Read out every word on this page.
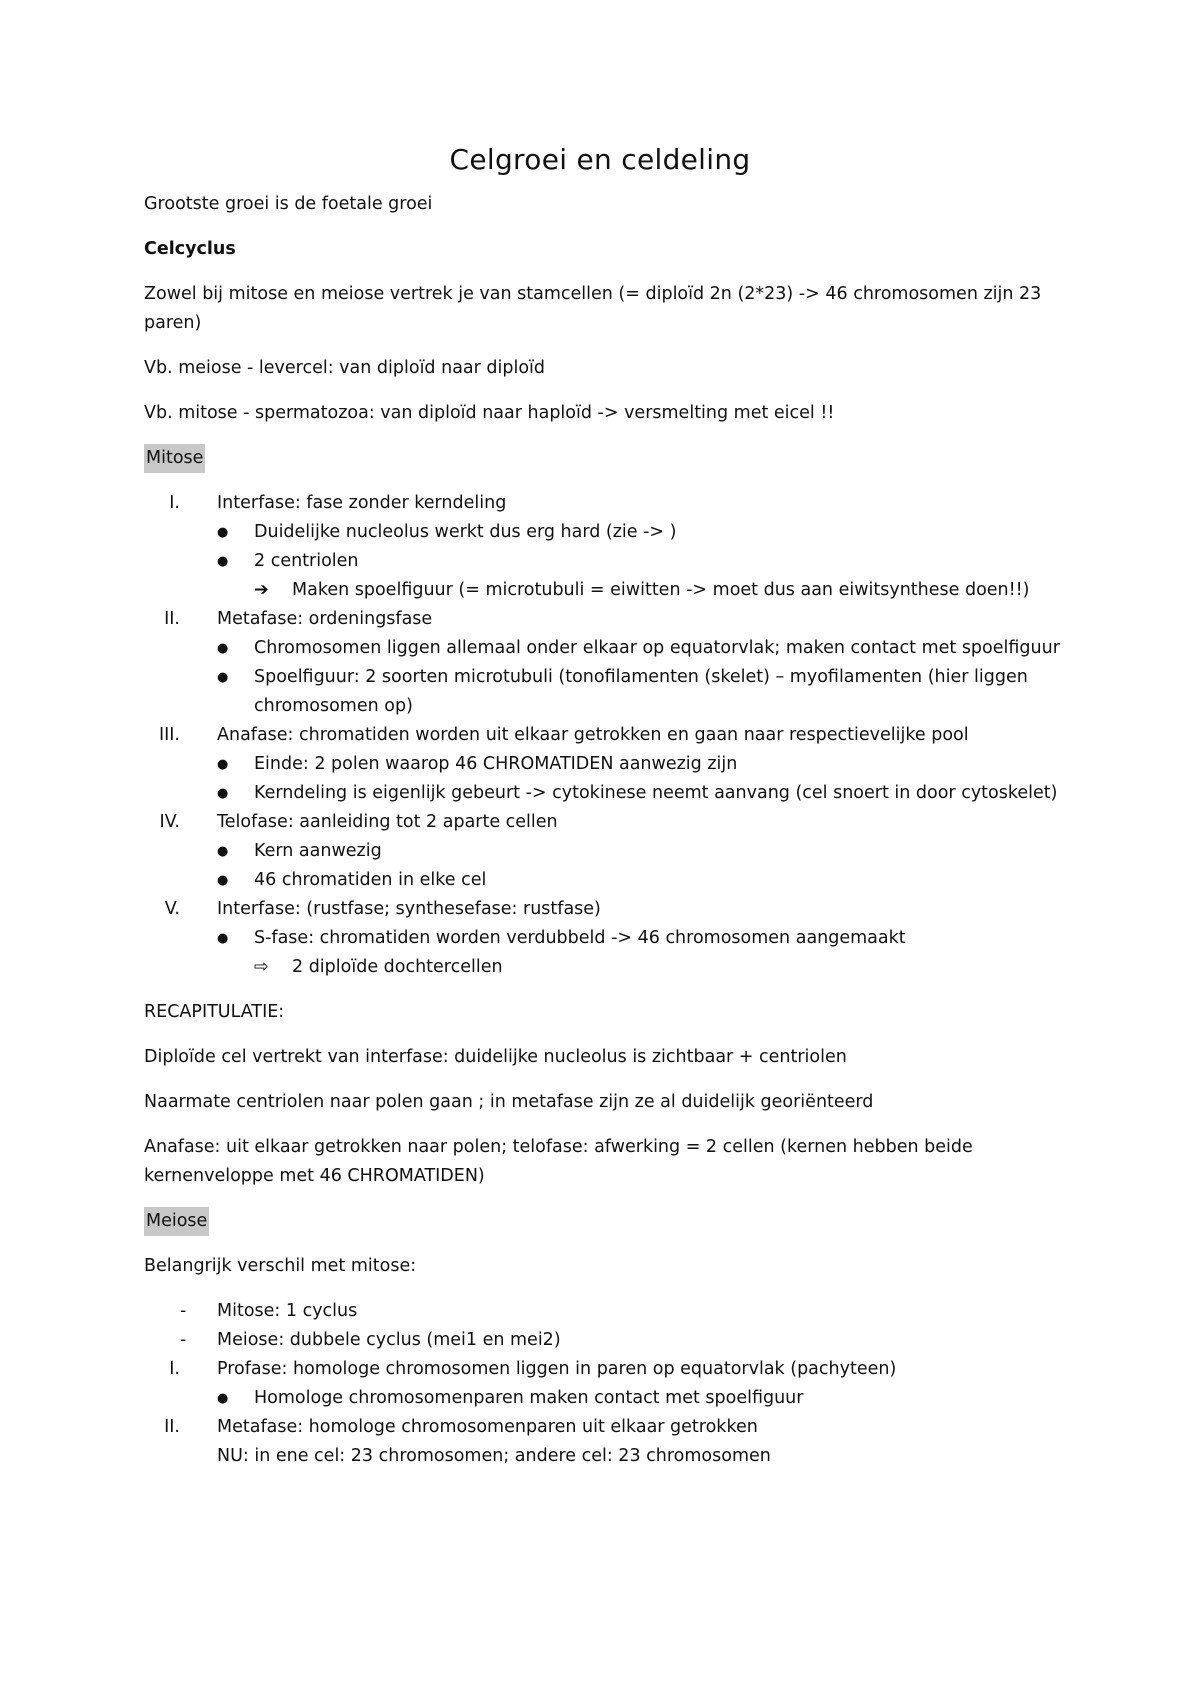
Celgroei en celdeling

Grootste groei is de foetale groei

Celcyclus

Zowel bij mitose en meiose vertrek je van stamcellen (= diploïd 2n (2*23) -> 46 chromosomen zijn 23 paren)

Vb. meiose - levercel: van diploïd naar diploïd

Vb. mitose - spermatozoa: van diploïd naar haploïd -> versmelting met eicel !!

Mitose

I. Interfase: fase zonder kerndeling
● Duidelijke nucleolus werkt dus erg hard (zie -> )
● 2 centriolen
➔ Maken spoelfiguur (= microtubuli = eiwitten -> moet dus aan eiwitsynthese doen!!)
II. Metafase: ordeningsfase
● Chromosomen liggen allemaal onder elkaar op equatorvlak; maken contact met spoelfiguur
● Spoelfiguur: 2 soorten microtubuli (tonofilamenten (skelet) – myofilamenten (hier liggen chromosomen op)
III. Anafase: chromatiden worden uit elkaar getrokken en gaan naar respectievelijke pool
● Einde: 2 polen waarop 46 CHROMATIDEN aanwezig zijn
● Kerndeling is eigenlijk gebeurt -> cytokinese neemt aanvang (cel snoert in door cytoskelet)
IV. Telofase: aanleiding tot 2 aparte cellen
● Kern aanwezig
● 46 chromatiden in elke cel
V. Interfase: (rustfase; synthesefase: rustfase)
● S-fase: chromatiden worden verdubbeld -> 46 chromosomen aangemaakt
⇨ 2 diploïde dochtercellen

RECAPITULATIE:

Diploïde cel vertrekt van interfase: duidelijke nucleolus is zichtbaar + centriolen

Naarmate centriolen naar polen gaan ; in metafase zijn ze al duidelijk georiënteerd

Anafase: uit elkaar getrokken naar polen; telofase: afwerking = 2 cellen (kernen hebben beide kernenveloppe met 46 CHROMATIDEN)

Meiose

Belangrijk verschil met mitose:

- Mitose: 1 cyclus
- Meiose: dubbele cyclus (mei1 en mei2)
I. Profase: homologe chromosomen liggen in paren op equatorvlak (pachyteen)
● Homologe chromosomenparen maken contact met spoelfiguur
II. Metafase: homologe chromosomenparen uit elkaar getrokken
NU: in ene cel: 23 chromosomen; andere cel: 23 chromosomen
